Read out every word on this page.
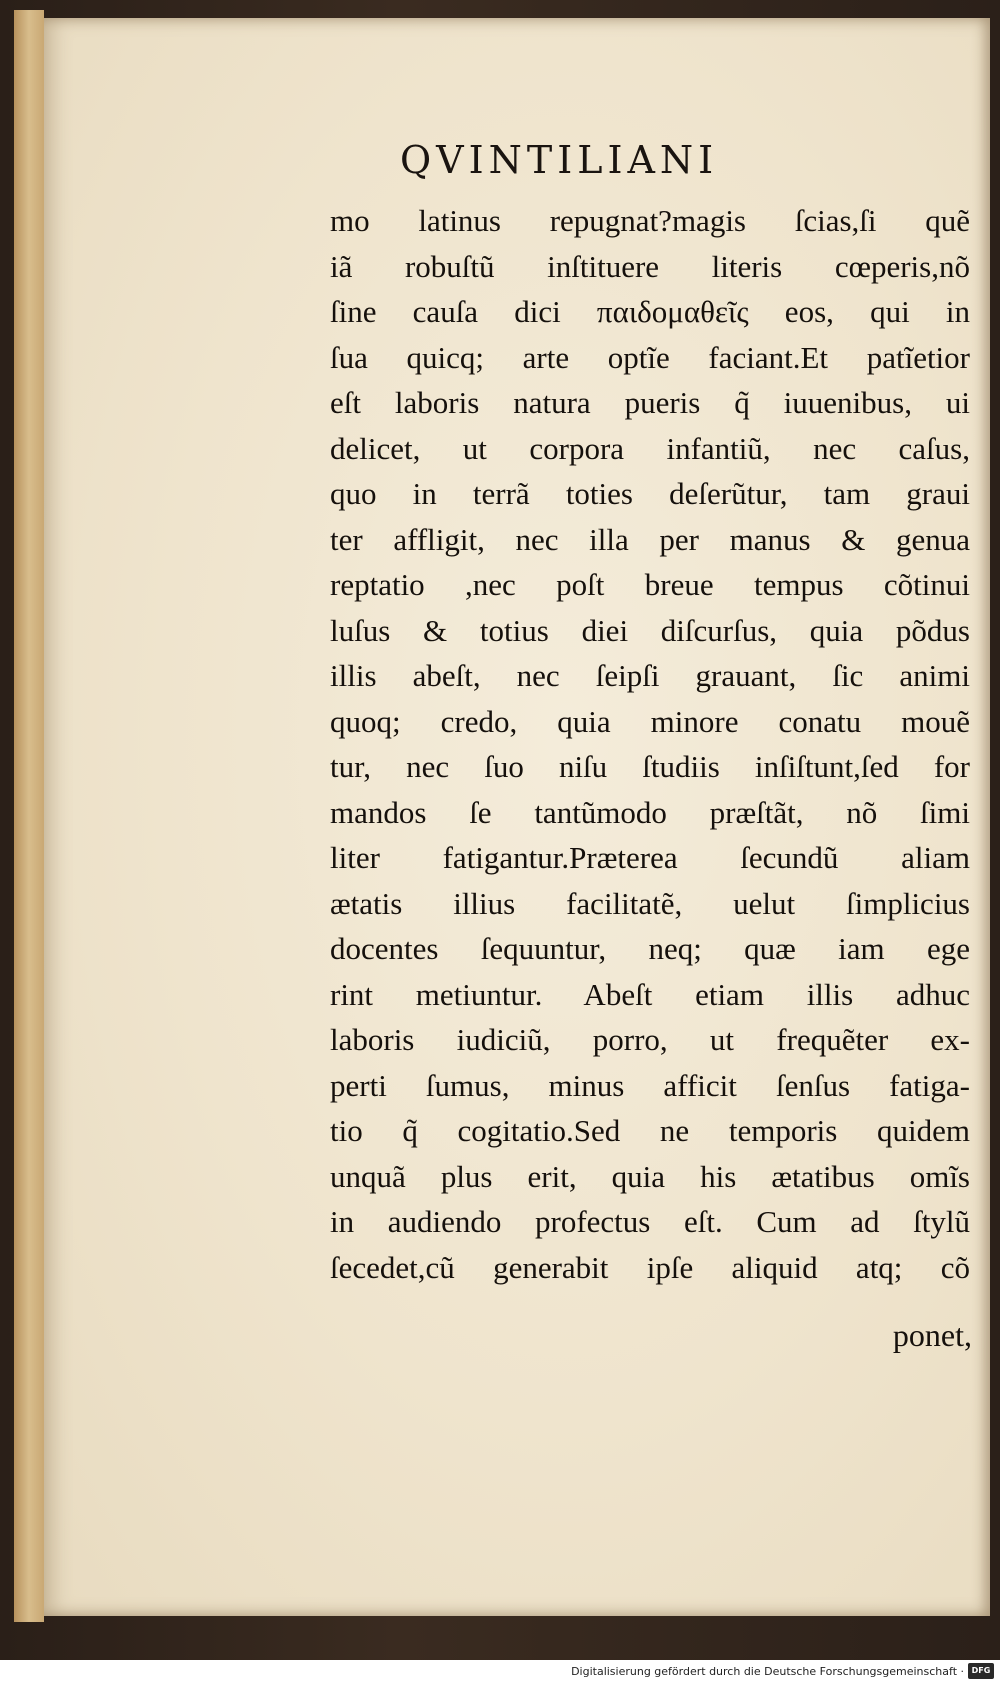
QVINTILIANI
mo latinus repugnat?magis ſcias,ſi quẽ
iã robuſtũ inſtituere literis cœperis,nõ
ſine cauſa dici παιδομαθεῖς eos, qui in
ſua quicq; arte optĩe faciant.Et patĩetior
eſt laboris natura pueris q̃ iuuenibus, ui
delicet, ut corpora infantiũ, nec caſus,
quo in terrã toties deſerũtur, tam graui
ter affligit, nec illa per manus & genua
reptatio ,nec poſt breue tempus cõtinui
luſus & totius diei diſcurſus, quia põdus
illis abeſt, nec ſeipſi grauant, ſic animi
quoq; credo, quia minore conatu mouẽ
tur, nec ſuo niſu ſtudiis inſiſtunt,ſed for
mandos ſe tantũmodo præſtãt, nõ ſimi
liter fatigantur.Præterea ſecundũ aliam
ætatis illius facilitatẽ, uelut ſimplicius
docentes ſequuntur, neq; quæ iam ege
rint metiuntur. Abeſt etiam illis adhuc
laboris iudiciũ, porro, ut frequẽter ex-
perti ſumus, minus afficit ſenſus fatiga-
tio q̃ cogitatio.Sed ne temporis quidem
unquã plus erit, quia his ætatibus omĩs
in audiendo profectus eſt. Cum ad ſtylũ
ſecedet,cũ generabit ipſe aliquid atq; cõ
ponet,
Digitalisierung gefördert durch die Deutsche Forschungsgemeinschaft · DFG
